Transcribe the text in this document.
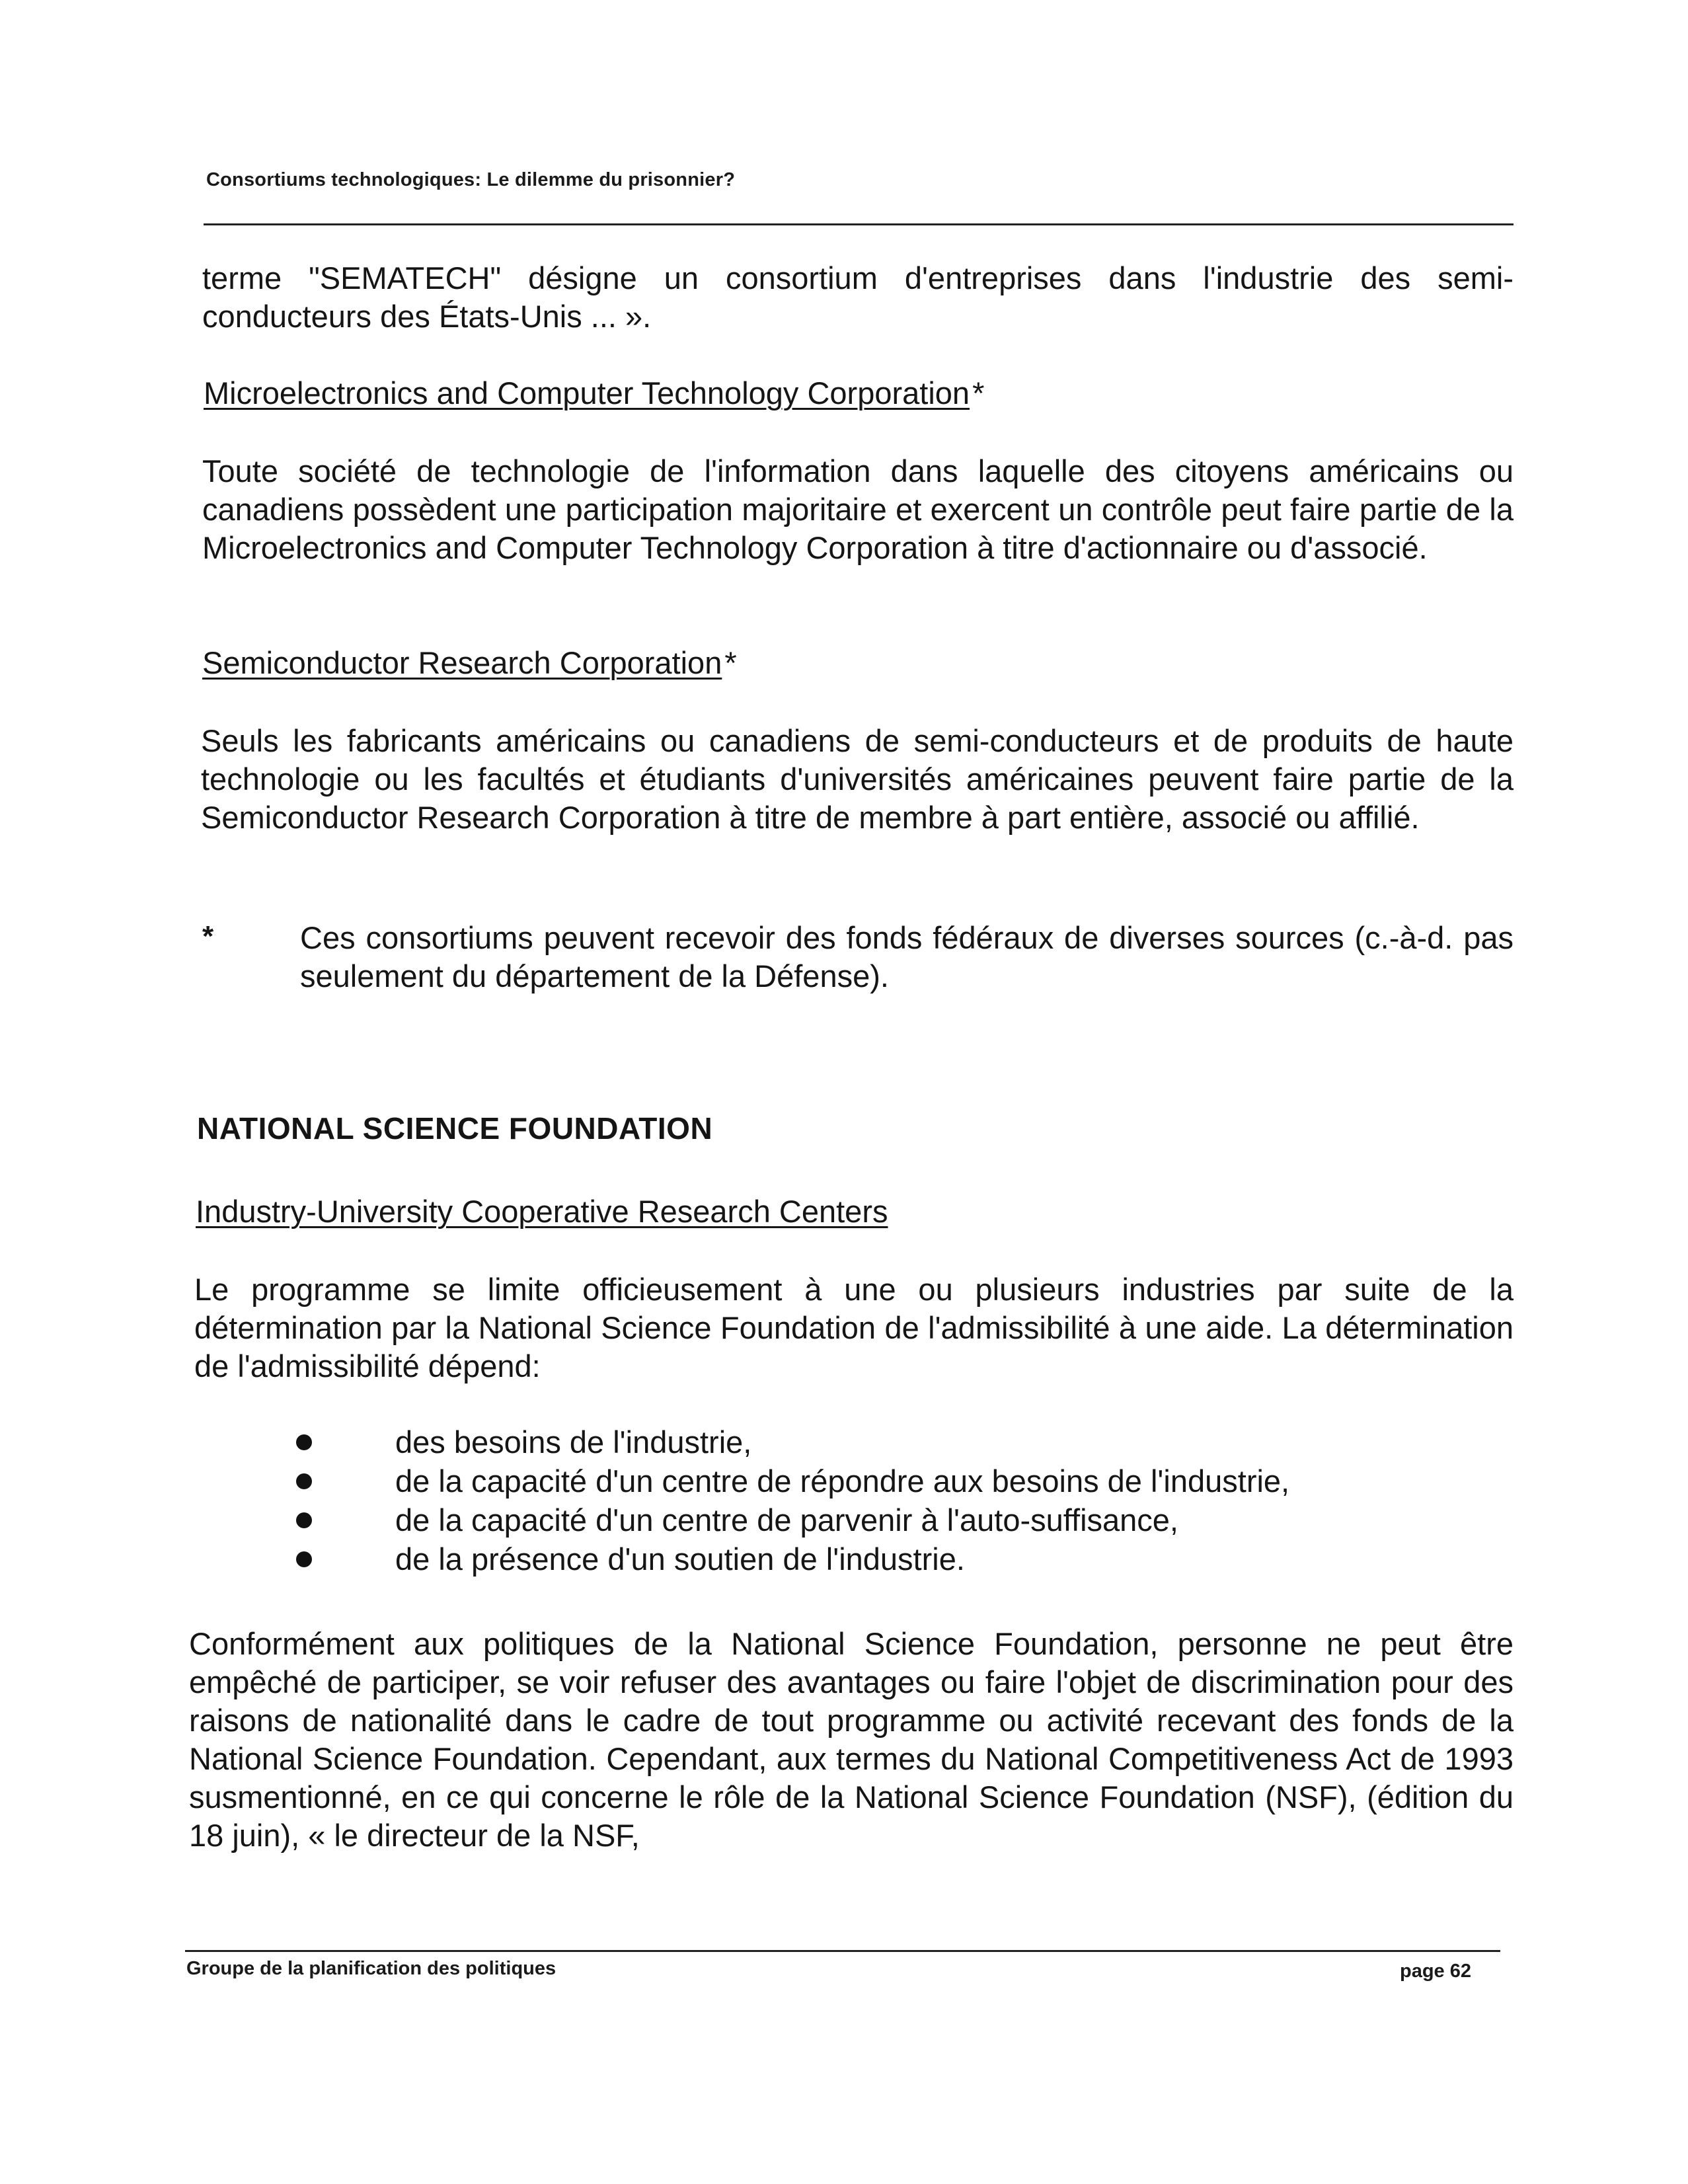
Consortiums technologiques: Le dilemme du prisonnier?

terme "SEMATECH" désigne un consortium d'entreprises dans l'industrie des semi-conducteurs des États-Unis ... ».

Microelectronics and Computer Technology Corporation*

Toute société de technologie de l'information dans laquelle des citoyens américains ou canadiens possèdent une participation majoritaire et exercent un contrôle peut faire partie de la Microelectronics and Computer Technology Corporation à titre d'actionnaire ou d'associé.

Semiconductor Research Corporation*

Seuls les fabricants américains ou canadiens de semi-conducteurs et de produits de haute technologie ou les facultés et étudiants d'universités américaines peuvent faire partie de la Semiconductor Research Corporation à titre de membre à part entière, associé ou affilié.

*	Ces consortiums peuvent recevoir des fonds fédéraux de diverses sources (c.-à-d. pas seulement du département de la Défense).

NATIONAL SCIENCE FOUNDATION

Industry-University Cooperative Research Centers

Le programme se limite officieusement à une ou plusieurs industries par suite de la détermination par la National Science Foundation de l'admissibilité à une aide. La détermination de l'admissibilité dépend:

des besoins de l'industrie,
de la capacité d'un centre de répondre aux besoins de l'industrie,
de la capacité d'un centre de parvenir à l'auto-suffisance,
de la présence d'un soutien de l'industrie.

Conformément aux politiques de la National Science Foundation, personne ne peut être empêché de participer, se voir refuser des avantages ou faire l'objet de discrimination pour des raisons de nationalité dans le cadre de tout programme ou activité recevant des fonds de la National Science Foundation. Cependant, aux termes du National Competitiveness Act de 1993 susmentionné, en ce qui concerne le rôle de la National Science Foundation (NSF), (édition du 18 juin), « le directeur de la NSF,

Groupe de la planification des politiques	page 62
